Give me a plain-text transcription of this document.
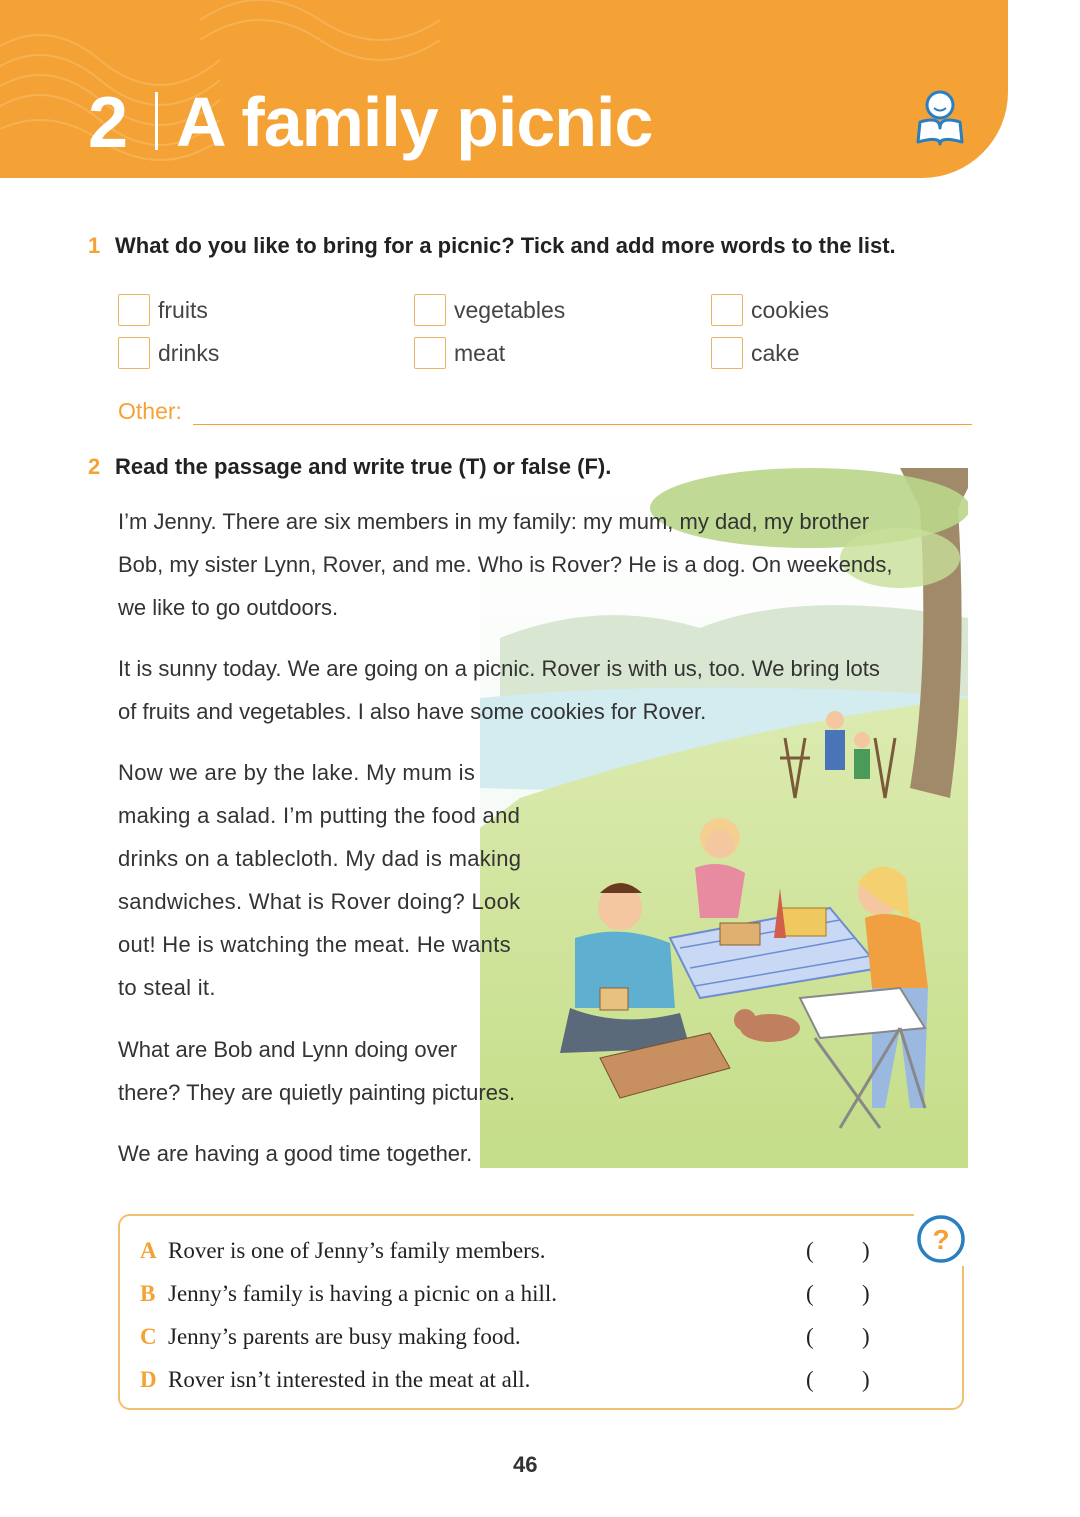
2 A family picnic
1 What do you like to bring for a picnic? Tick and add more words to the list.
fruits	vegetables	cookies
drinks	meat	cake
Other:
2 Read the passage and write true (T) or false (F).
I’m Jenny. There are six members in my family: my mum, my dad, my brother
Bob, my sister Lynn, Rover, and me. Who is Rover? He is a dog. On weekends,
we like to go outdoors.
It is sunny today. We are going on a picnic. Rover is with us, too. We bring lots
of fruits and vegetables. I also have some cookies for Rover.
Now we are by the lake. My mum is
making a salad. I’m putting the food and
drinks on a tablecloth. My dad is making
sandwiches. What is Rover doing? Look
out! He is watching the meat. He wants
to steal it.
What are Bob and Lynn doing over
there? They are quietly painting pictures.
We are having a good time together.
A Rover is one of Jenny’s family members.	( )
B Jenny’s family is having a picnic on a hill.	( )
C Jenny’s parents are busy making food.	( )
D Rover isn’t interested in the meat at all.	( )
?
46
